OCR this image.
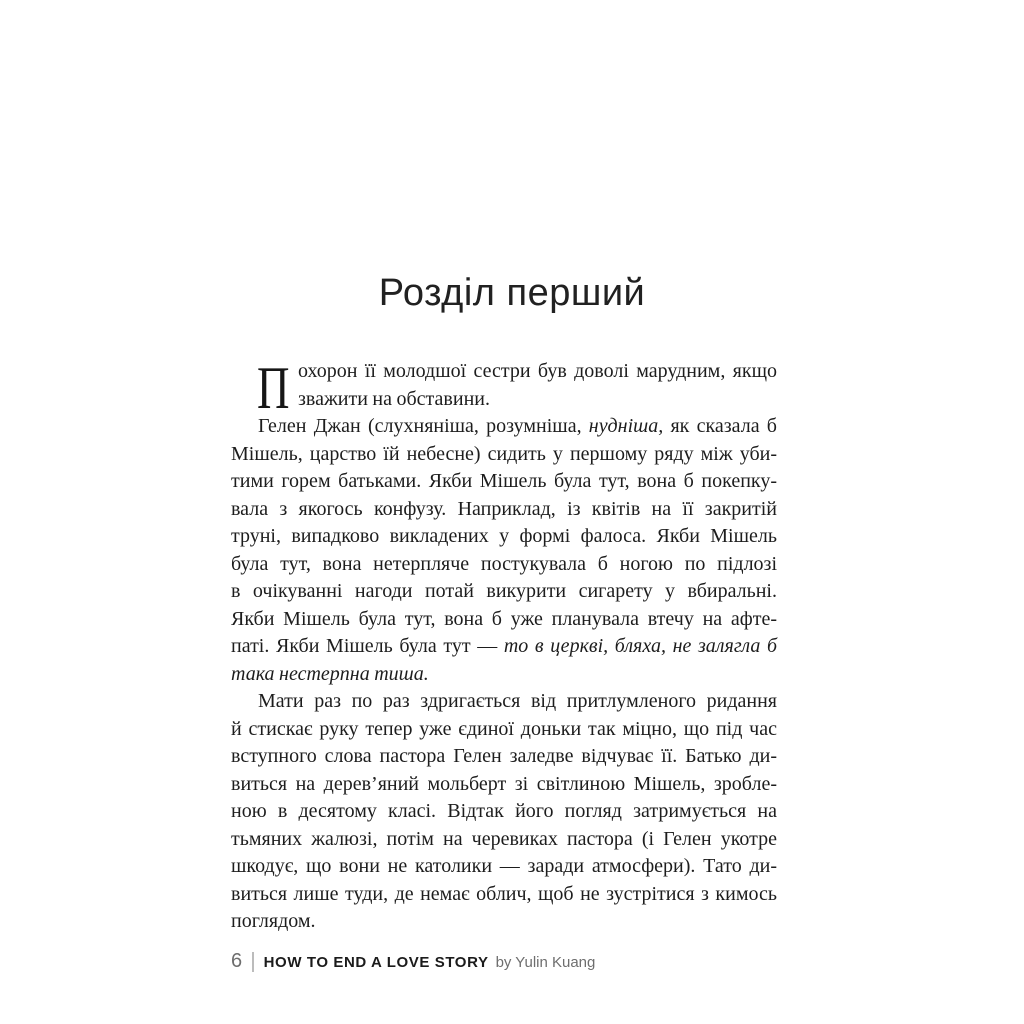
Розділ перший
П охорон її молодшої сестри був доволі марудним, якщо
зважити на обставини.
Гелен Джан (слухняніша, розумніша, нудніша, як сказала б
Мішель, царство їй небесне) сидить у першому ряду між уби-
тими горем батьками. Якби Мішель була тут, вона б покепку-
вала з якогось конфузу. Наприклад, із квітів на її закритій
труні, випадково викладених у формі фалоса. Якби Мішель
була тут, вона нетерпляче постукувала б ногою по підлозі
в очікуванні нагоди потай викурити сигарету у вбиральні.
Якби Мішель була тут, вона б уже планувала втечу на афте-
паті. Якби Мішель була тут — то в церкві, бляха, не залягла б
така нестерпна тиша.
Мати раз по раз здригається від притлумленого ридання
й стискає руку тепер уже єдиної доньки так міцно, що під час
вступного слова пастора Гелен заледве відчуває її. Батько ди-
виться на дерев’яний мольберт зі світлиною Мішель, зробле-
ною в десятому класі. Відтак його погляд затримується на
тьмяних жалюзі, потім на черевиках пастора (і Гелен укотре
шкодує, що вони не католики — заради атмосфери). Тато ди-
виться лише туди, де немає облич, щоб не зустрітися з кимось
поглядом.
6 HOW TO END A LOVE STORY by Yulin Kuang
